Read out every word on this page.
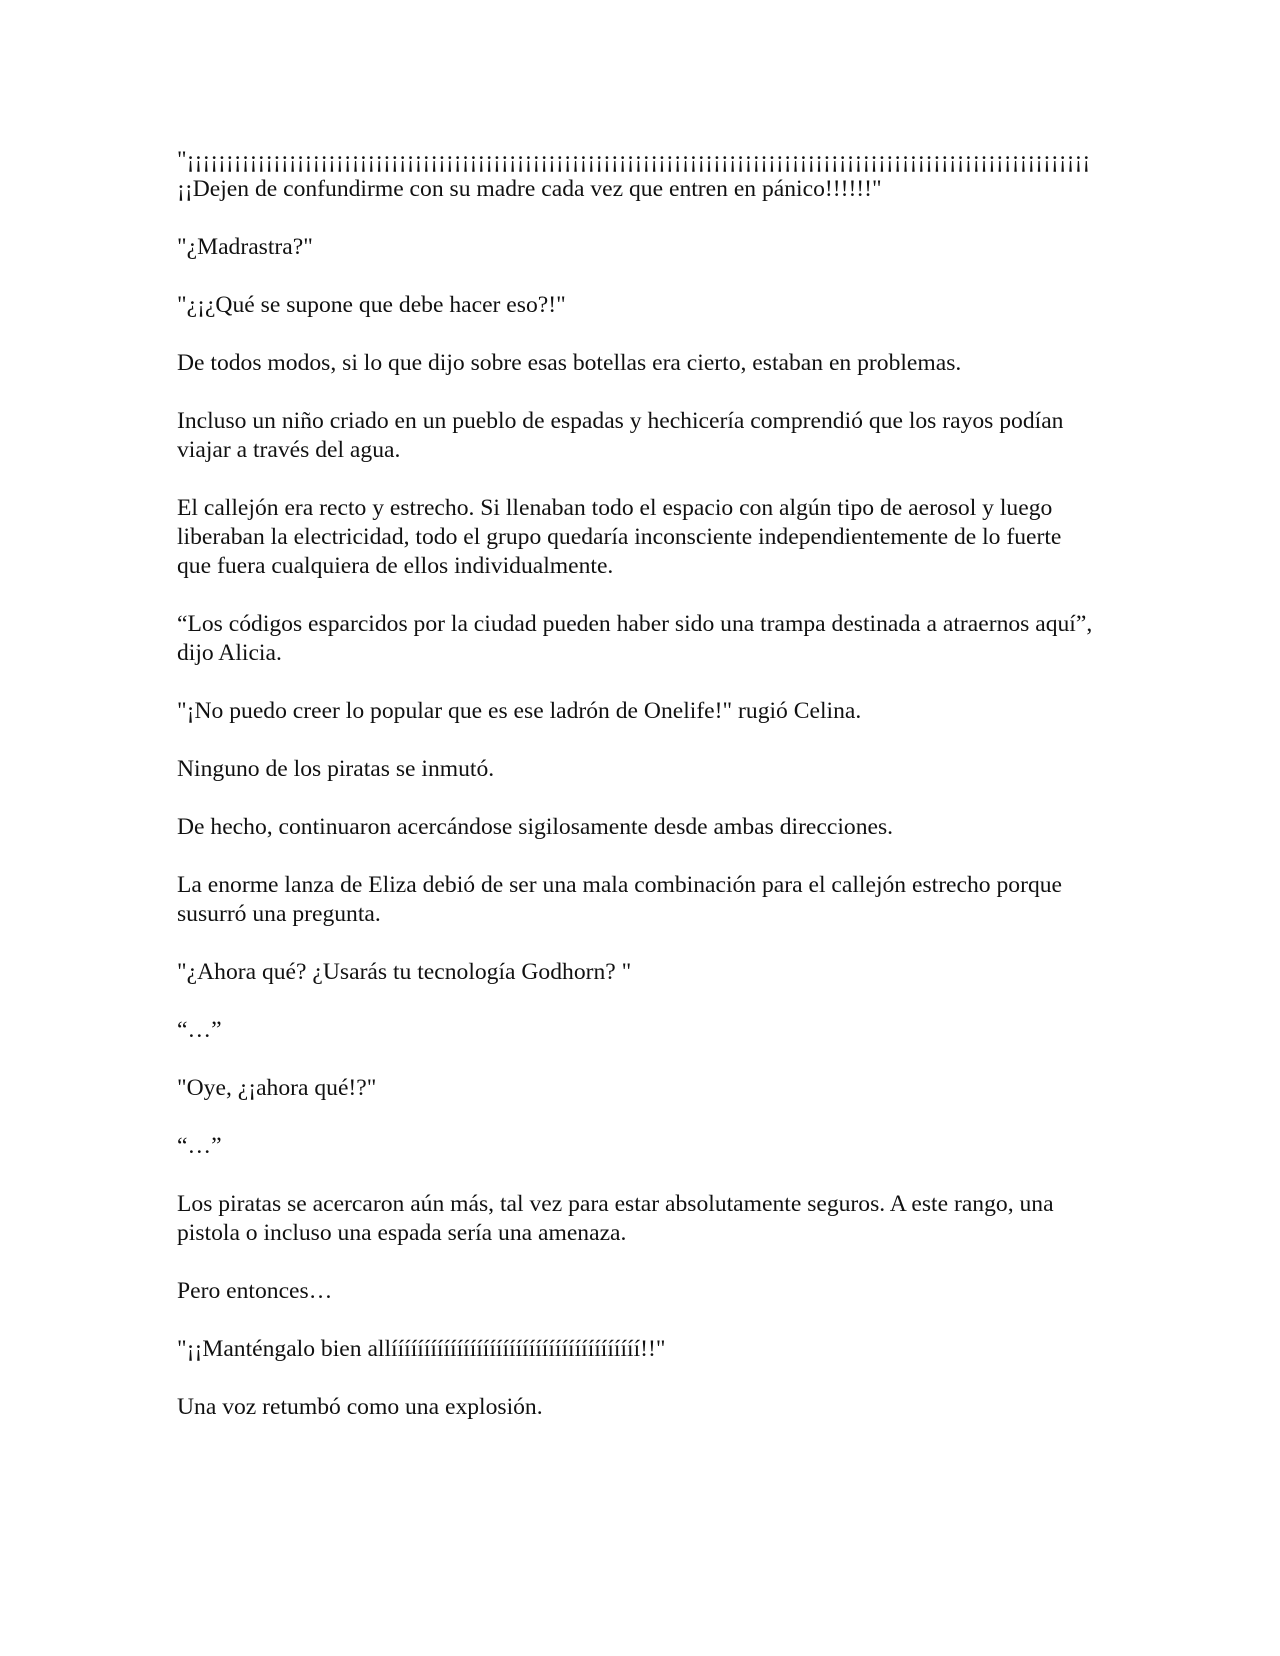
"¡¡¡¡¡¡¡¡¡¡¡¡¡¡¡¡¡¡¡¡¡¡¡¡¡¡¡¡¡¡¡¡¡¡¡¡¡¡¡¡¡¡¡¡¡¡¡¡¡¡¡¡¡¡¡¡¡¡¡¡¡¡¡¡¡¡¡¡¡¡¡¡¡¡¡¡¡¡¡¡¡¡¡¡¡¡¡¡¡¡¡¡¡¡¡¡¡¡¡¡¡¡¡¡¡¡¡¡¡¡¡¡¡¡¡¡¡Dejen de confundirme con su madre cada vez que entren en pánico!!!!!!"

"¿Madrastra?"

"¿¡¿Qué se supone que debe hacer eso?!"

De todos modos, si lo que dijo sobre esas botellas era cierto, estaban en problemas.

Incluso un niño criado en un pueblo de espadas y hechicería comprendió que los rayos podían viajar a través del agua.

El callejón era recto y estrecho. Si llenaban todo el espacio con algún tipo de aerosol y luego liberaban la electricidad, todo el grupo quedaría inconsciente independientemente de lo fuerte que fuera cualquiera de ellos individualmente.

“Los códigos esparcidos por la ciudad pueden haber sido una trampa destinada a atraernos aquí”, dijo Alicia.

"¡No puedo creer lo popular que es ese ladrón de Onelife!" rugió Celina.

Ninguno de los piratas se inmutó.

De hecho, continuaron acercándose sigilosamente desde ambas direcciones.

La enorme lanza de Eliza debió de ser una mala combinación para el callejón estrecho porque susurró una pregunta.

"¿Ahora qué? ¿Usarás tu tecnología Godhorn? "

“…”

"Oye, ¿¡ahora qué!?"

“…”

Los piratas se acercaron aún más, tal vez para estar absolutamente seguros. A este rango, una pistola o incluso una espada sería una amenaza.

Pero entonces…

"¡¡Manténgalo bien allíííííííííííííííííííííííííííííííííííííí!!"

Una voz retumbó como una explosión.
